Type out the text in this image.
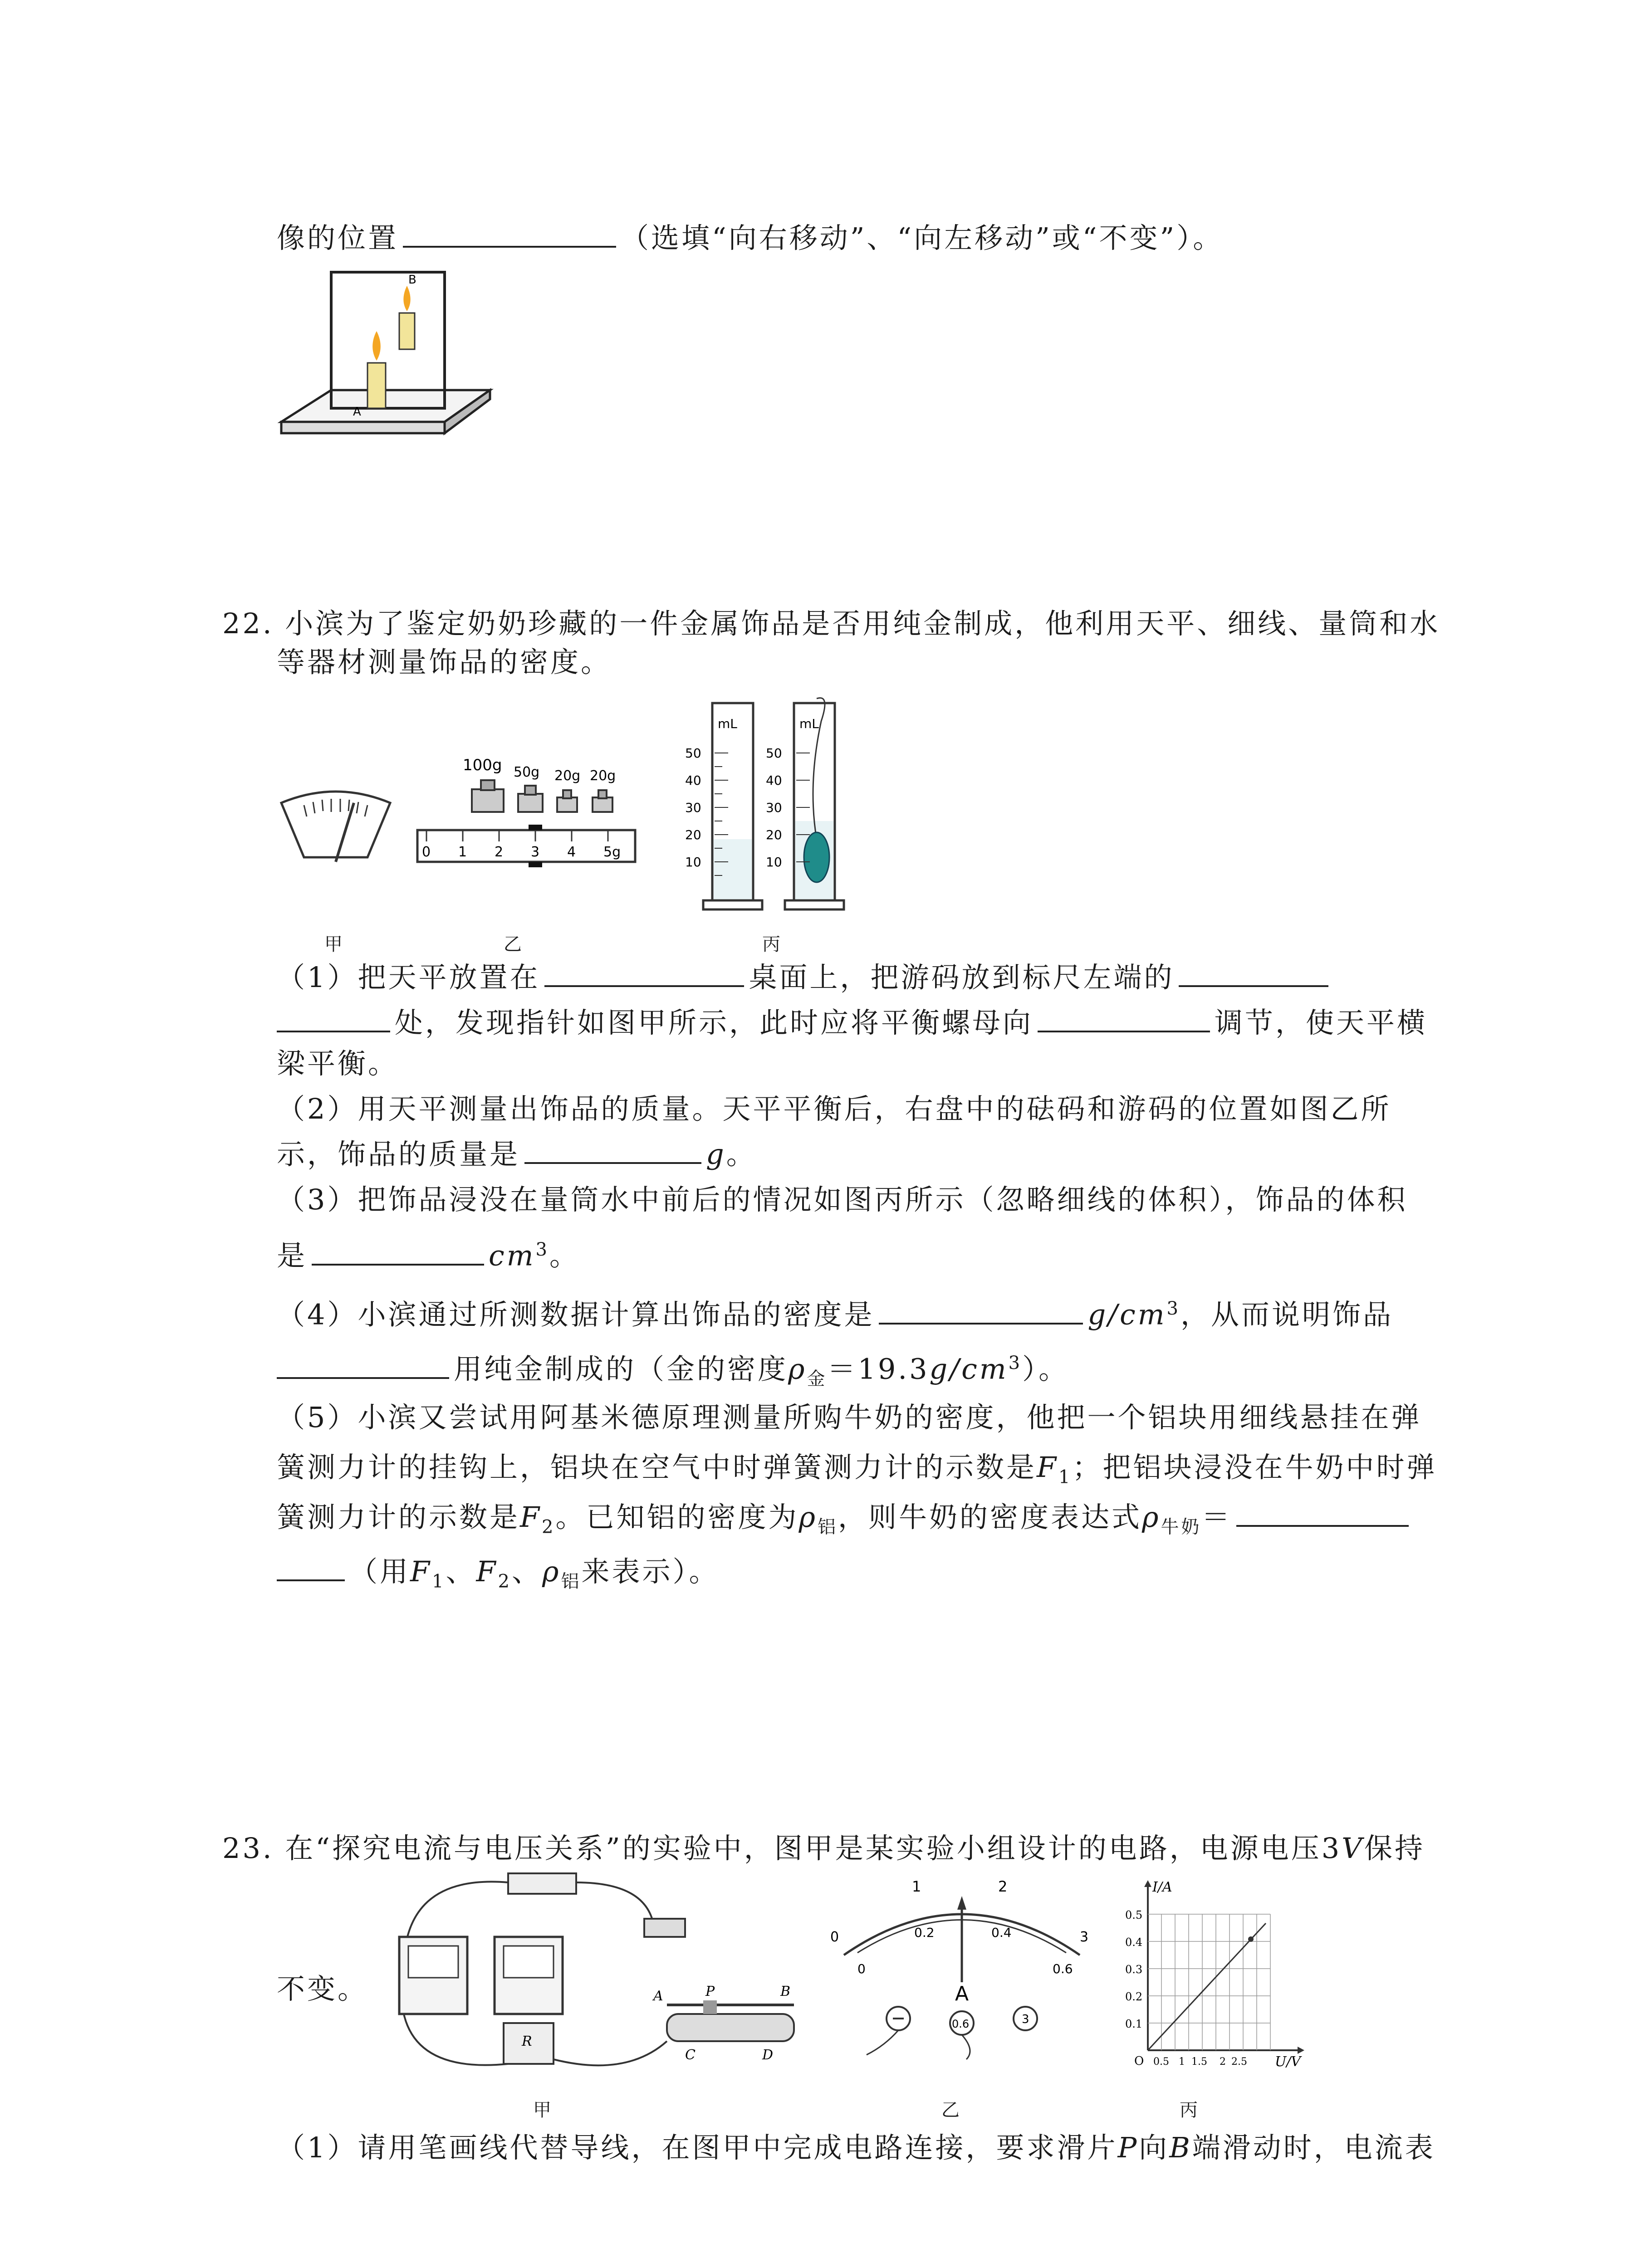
像的位置	（选填“向右移动”、“向左移动”或“不变”）。
B
A
22. 小滨为了鉴定奶奶珍藏的一件金属饰品是否用纯金制成，他利用天平、细线、量筒和水
等器材测量饰品的密度。
100g 50g 20g 20g
0 1 2 3 4 5g
mL
50
40
30
20
10
mL
50
40
30
20
10
甲	乙	丙
（1）把天平放置在	桌面上，把游码放到标尺左端的
处，发现指针如图甲所示，此时应将平衡螺母向	调节，使天平横
梁平衡。
（2）用天平测量出饰品的质量。天平平衡后，右盘中的砝码和游码的位置如图乙所
示，饰品的质量是	g。
（3）把饰品浸没在量筒水中前后的情况如图丙所示（忽略细线的体积），饰品的体积
是	$cm^3$。
（4）小滨通过所测数据计算出饰品的密度是	$g/cm^3$，从而说明饰品
用纯金制成的（金的密度$\rho_金=19.3g/cm^3$）。
（5）小滨又尝试用阿基米德原理测量所购牛奶的密度，他把一个铝块用细线悬挂在弹
簧测力计的挂钩上，铝块在空气中时弹簧测力计的示数是$F_1$；把铝块浸没在牛奶中时弹
簧测力计的示数是$F_2$。已知铝的密度为$\rho_铝$，则牛奶的密度表达式$\rho_{牛奶}=$
（用$F_1$、$F_2$、$\rho_铝$来表示）。
23. 在“探究电流与电压关系”的实验中，图甲是某实验小组设计的电路，电源电压3V保持
不变。
R
A	P	B
C	D
1	2
0.2	0.4
0	3
0	0.6
A
0.6	3
I/A
U/V
0.5
0.4
0.3
0.2
0.1
O 0.5 1 1.5 2 2.5
甲	乙	丙
（1）请用笔画线代替导线，在图甲中完成电路连接，要求滑片P向B端滑动时，电流表
